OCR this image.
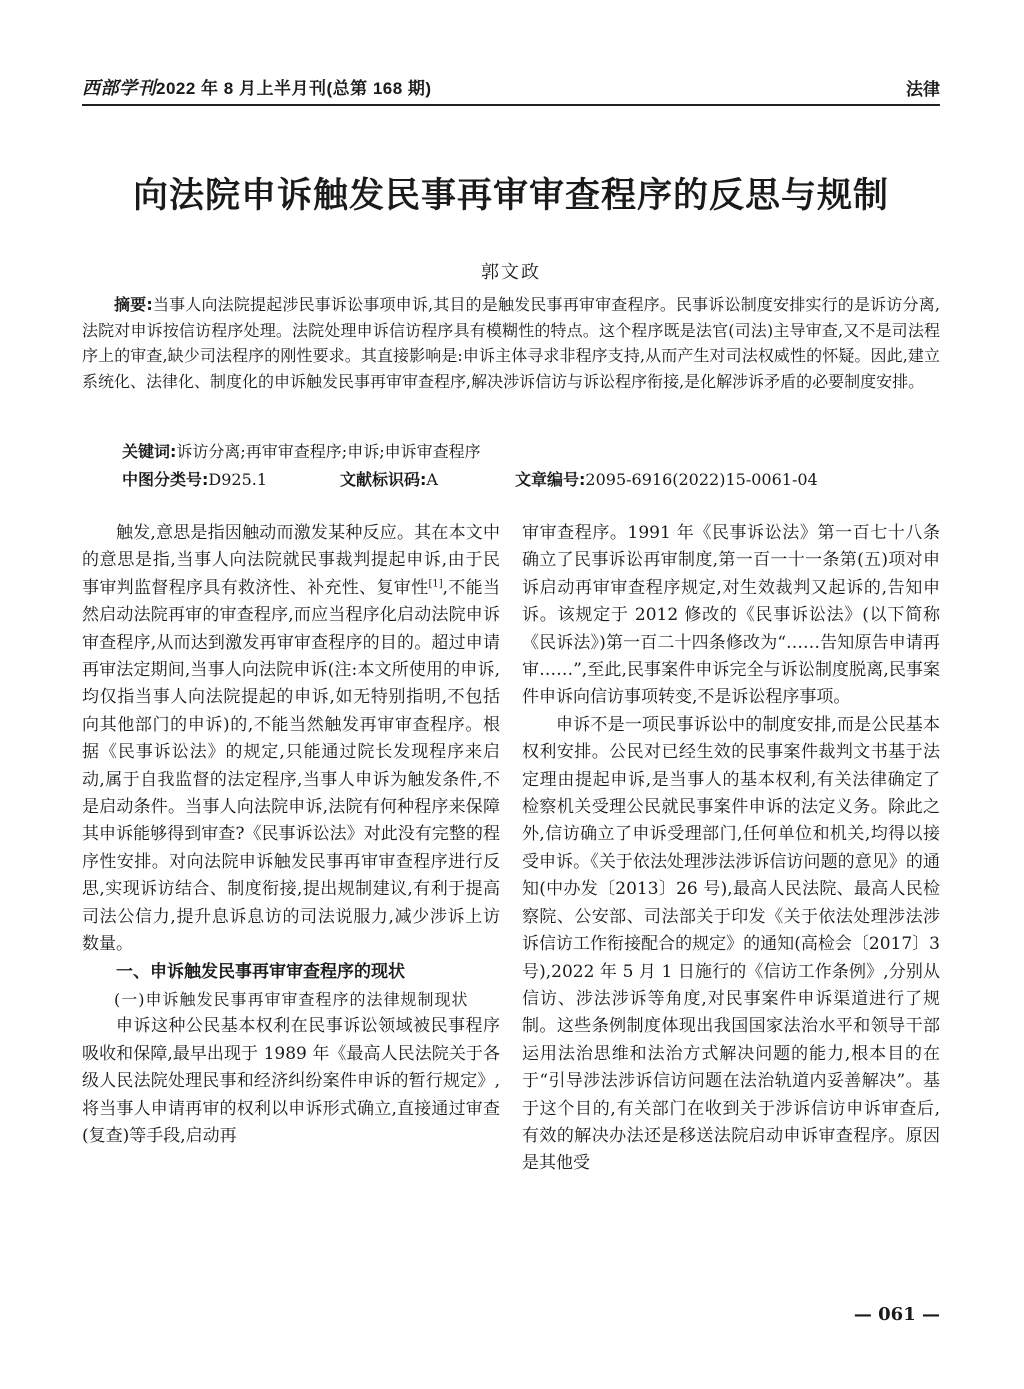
西部学刊2022 年 8 月上半月刊(总第 168 期)	法律
向法院申诉触发民事再审审查程序的反思与规制
郭文政
摘要:当事人向法院提起涉民事诉讼事项申诉,其目的是触发民事再审审查程序。民事诉讼制度安排实行的是诉访分离,法院对申诉按信访程序处理。法院处理申诉信访程序具有模糊性的特点。这个程序既是法官(司法)主导审查,又不是司法程序上的审查,缺少司法程序的刚性要求。其直接影响是:申诉主体寻求非程序支持,从而产生对司法权威性的怀疑。因此,建立系统化、法律化、制度化的申诉触发民事再审审查程序,解决涉诉信访与诉讼程序衔接,是化解涉诉矛盾的必要制度安排。
关键词:诉访分离;再审审查程序;申诉;申诉审查程序
中图分类号:D925.1	文献标识码:A	文章编号:2095-6916(2022)15-0061-04

触发,意思是指因触动而激发某种反应。其在本文中的意思是指,当事人向法院就民事裁判提起申诉,由于民事审判监督程序具有救济性、补充性、复审性[1],不能当然启动法院再审的审查程序,而应当程序化启动法院申诉审查程序,从而达到激发再审审查程序的目的。超过申请再审法定期间,当事人向法院申诉(注:本文所使用的申诉,均仅指当事人向法院提起的申诉,如无特别指明,不包括向其他部门的申诉)的,不能当然触发再审审查程序。根据《民事诉讼法》的规定,只能通过院长发现程序来启动,属于自我监督的法定程序,当事人申诉为触发条件,不是启动条件。当事人向法院申诉,法院有何种程序来保障其申诉能够得到审查?《民事诉讼法》对此没有完整的程序性安排。对向法院申诉触发民事再审审查程序进行反思,实现诉访结合、制度衔接,提出规制建议,有利于提高司法公信力,提升息诉息访的司法说服力,减少涉诉上访数量。

一、申诉触发民事再审审查程序的现状
(一)申诉触发民事再审审查程序的法律规制现状

申诉这种公民基本权利在民事诉讼领域被民事程序吸收和保障,最早出现于 1989 年《最高人民法院关于各级人民法院处理民事和经济纠纷案件申诉的暂行规定》,将当事人申请再审的权利以申诉形式确立,直接通过审查(复查)等手段,启动再

审审查程序。1991 年《民事诉讼法》第一百七十八条确立了民事诉讼再审制度,第一百一十一条第(五)项对申诉启动再审审查程序规定,对生效裁判又起诉的,告知申诉。该规定于 2012 修改的《民事诉讼法》(以下简称《民诉法》)第一百二十四条修改为“……告知原告申请再审……”,至此,民事案件申诉完全与诉讼制度脱离,民事案件申诉向信访事项转变,不是诉讼程序事项。

申诉不是一项民事诉讼中的制度安排,而是公民基本权利安排。公民对已经生效的民事案件裁判文书基于法定理由提起申诉,是当事人的基本权利,有关法律确定了检察机关受理公民就民事案件申诉的法定义务。除此之外,信访确立了申诉受理部门,任何单位和机关,均得以接受申诉。《关于依法处理涉法涉诉信访问题的意见》的通知(中办发〔2013〕26 号),最高人民法院、最高人民检察院、公安部、司法部关于印发《关于依法处理涉法涉诉信访工作衔接配合的规定》的通知(高检会〔2017〕3 号),2022 年 5 月 1 日施行的《信访工作条例》,分别从信访、涉法涉诉等角度,对民事案件申诉渠道进行了规制。这些条例制度体现出我国国家法治水平和领导干部运用法治思维和法治方式解决问题的能力,根本目的在于“引导涉法涉诉信访问题在法治轨道内妥善解决”。基于这个目的,有关部门在收到关于涉诉信访申诉审查后,有效的解决办法还是移送法院启动申诉审查程序。原因是其他受

— 061 —
